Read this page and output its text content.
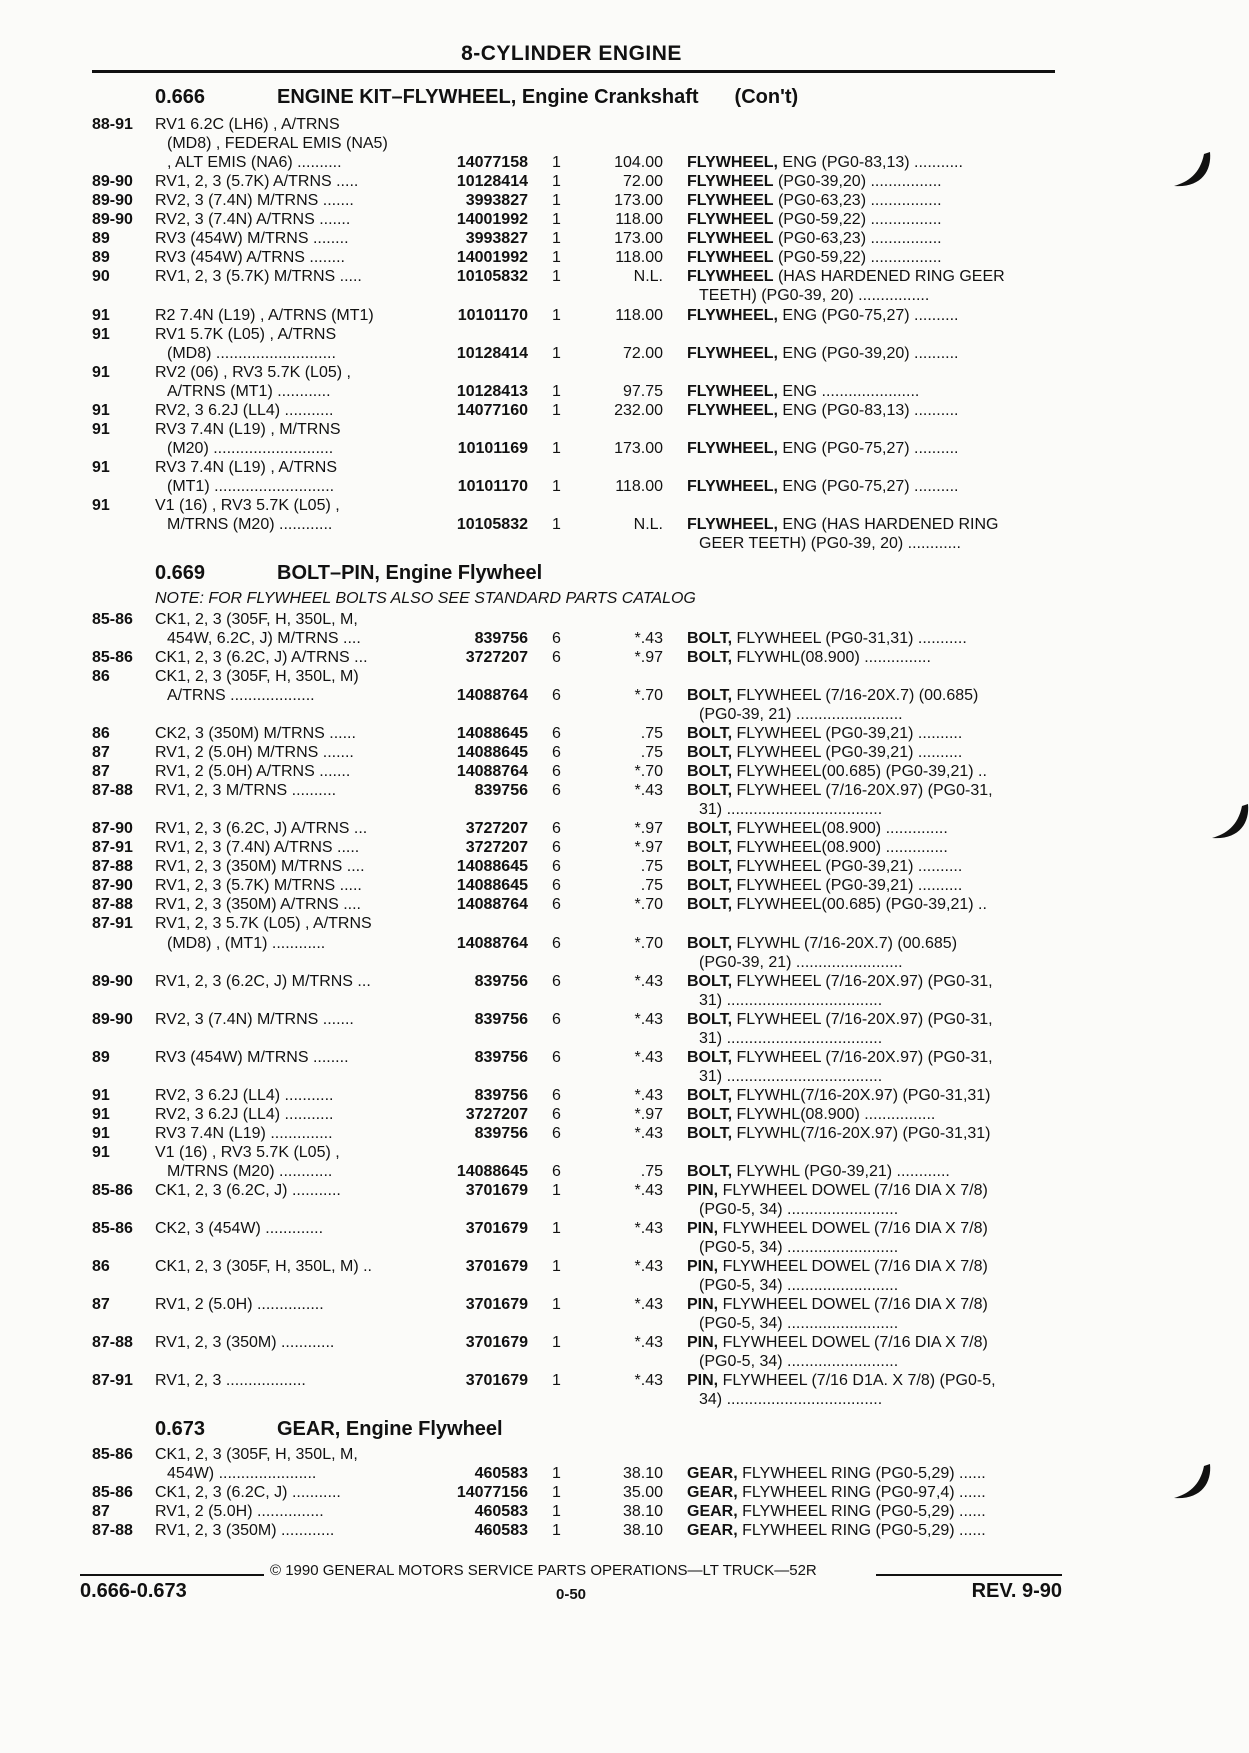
8-CYLINDER ENGINE
0.666	ENGINE KIT–FLYWHEEL, Engine Crankshaft (Con't)
0.669	BOLT–PIN, Engine Flywheel
NOTE: FOR FLYWHEEL BOLTS ALSO SEE STANDARD PARTS CATALOG
0.673	GEAR, Engine Flywheel
88-91 RV1 6.2C (LH6) , A/TRNS
(MD8) , FEDERAL EMIS (NA5)
, ALT EMIS (NA6) ..........	14077158 1	104.00 FLYWHEEL, ENG (PG0-83,13) ...........
89-90 RV1, 2, 3 (5.7K) A/TRNS .....	10128414 1	72.00 FLYWHEEL (PG0-39,20) ................
89-90 RV2, 3 (7.4N) M/TRNS .......	3993827 1	173.00 FLYWHEEL (PG0-63,23) ................
89-90 RV2, 3 (7.4N) A/TRNS .......	14001992 1	118.00 FLYWHEEL (PG0-59,22) ................
89	RV3 (454W) M/TRNS ........	3993827 1	173.00 FLYWHEEL (PG0-63,23) ................
89	RV3 (454W) A/TRNS ........	14001992 1	118.00 FLYWHEEL (PG0-59,22) ................
90	RV1, 2, 3 (5.7K) M/TRNS .....	10105832 1	N.L. FLYWHEEL (HAS HARDENED RING GEER
TEETH) (PG0-39, 20) ................
91	R2 7.4N (L19) , A/TRNS (MT1)	10101170 1	118.00 FLYWHEEL, ENG (PG0-75,27) ..........
91	RV1 5.7K (L05) , A/TRNS
(MD8) ...........................	10128414 1	72.00 FLYWHEEL, ENG (PG0-39,20) ..........
91	RV2 (06) , RV3 5.7K (L05) ,
A/TRNS (MT1) ............	10128413 1	97.75 FLYWHEEL, ENG ......................
91	RV2, 3 6.2J (LL4) ...........	14077160 1	232.00 FLYWHEEL, ENG (PG0-83,13) ..........
91	RV3 7.4N (L19) , M/TRNS
(M20) ...........................	10101169 1	173.00 FLYWHEEL, ENG (PG0-75,27) ..........
91	RV3 7.4N (L19) , A/TRNS
(MT1) ...........................	10101170 1	118.00 FLYWHEEL, ENG (PG0-75,27) ..........
91	V1 (16) , RV3 5.7K (L05) ,
M/TRNS (M20) ............	10105832 1	N.L. FLYWHEEL, ENG (HAS HARDENED RING
GEER TEETH) (PG0-39, 20) ............
85-86 CK1, 2, 3 (305F, H, 350L, M,
454W, 6.2C, J) M/TRNS ....	839756 6	*.43 BOLT, FLYWHEEL (PG0-31,31) ...........
85-86 CK1, 2, 3 (6.2C, J) A/TRNS ...	3727207 6	*.97 BOLT, FLYWHL(08.900) ...............
86	CK1, 2, 3 (305F, H, 350L, M)
A/TRNS ...................	14088764 6	*.70 BOLT, FLYWHEEL (7/16-20X.7) (00.685)
(PG0-39, 21) ........................
86	CK2, 3 (350M) M/TRNS ......	14088645 6	.75 BOLT, FLYWHEEL (PG0-39,21) ..........
87	RV1, 2 (5.0H) M/TRNS .......	14088645 6	.75 BOLT, FLYWHEEL (PG0-39,21) ..........
87	RV1, 2 (5.0H) A/TRNS .......	14088764 6	*.70 BOLT, FLYWHEEL(00.685) (PG0-39,21) ..
87-88 RV1, 2, 3 M/TRNS ..........	839756 6	*.43 BOLT, FLYWHEEL (7/16-20X.97) (PG0-31,
31) ...................................
87-90 RV1, 2, 3 (6.2C, J) A/TRNS ...	3727207 6	*.97 BOLT, FLYWHEEL(08.900) ..............
87-91 RV1, 2, 3 (7.4N) A/TRNS .....	3727207 6	*.97 BOLT, FLYWHEEL(08.900) ..............
87-88 RV1, 2, 3 (350M) M/TRNS ....	14088645 6	.75 BOLT, FLYWHEEL (PG0-39,21) ..........
87-90 RV1, 2, 3 (5.7K) M/TRNS .....	14088645 6	.75 BOLT, FLYWHEEL (PG0-39,21) ..........
87-88 RV1, 2, 3 (350M) A/TRNS ....	14088764 6	*.70 BOLT, FLYWHEEL(00.685) (PG0-39,21) ..
87-91 RV1, 2, 3 5.7K (L05) , A/TRNS
(MD8) , (MT1) ............	14088764 6	*.70 BOLT, FLYWHL (7/16-20X.7) (00.685)
(PG0-39, 21) ........................
89-90 RV1, 2, 3 (6.2C, J) M/TRNS ...	839756 6	*.43 BOLT, FLYWHEEL (7/16-20X.97) (PG0-31,
31) ...................................
89-90 RV2, 3 (7.4N) M/TRNS .......	839756 6	*.43 BOLT, FLYWHEEL (7/16-20X.97) (PG0-31,
31) ...................................
89	RV3 (454W) M/TRNS ........	839756 6	*.43 BOLT, FLYWHEEL (7/16-20X.97) (PG0-31,
31) ...................................
91	RV2, 3 6.2J (LL4) ...........	839756 6	*.43 BOLT, FLYWHL(7/16-20X.97) (PG0-31,31)
91	RV2, 3 6.2J (LL4) ...........	3727207 6	*.97 BOLT, FLYWHL(08.900) ................
91	RV3 7.4N (L19) ..............	839756 6	*.43 BOLT, FLYWHL(7/16-20X.97) (PG0-31,31)
91	V1 (16) , RV3 5.7K (L05) ,
M/TRNS (M20) ............	14088645 6	.75 BOLT, FLYWHL (PG0-39,21) ............
85-86 CK1, 2, 3 (6.2C, J) ...........	3701679 1	*.43 PIN, FLYWHEEL DOWEL (7/16 DIA X 7/8)
(PG0-5, 34) .........................
85-86 CK2, 3 (454W) .............	3701679 1	*.43 PIN, FLYWHEEL DOWEL (7/16 DIA X 7/8)
(PG0-5, 34) .........................
86	CK1, 2, 3 (305F, H, 350L, M) ..	3701679 1	*.43 PIN, FLYWHEEL DOWEL (7/16 DIA X 7/8)
(PG0-5, 34) .........................
87	RV1, 2 (5.0H) ...............	3701679 1	*.43 PIN, FLYWHEEL DOWEL (7/16 DIA X 7/8)
(PG0-5, 34) .........................
87-88 RV1, 2, 3 (350M) ............	3701679 1	*.43 PIN, FLYWHEEL DOWEL (7/16 DIA X 7/8)
(PG0-5, 34) .........................
87-91 RV1, 2, 3 ..................	3701679 1	*.43 PIN, FLYWHEEL (7/16 D1A. X 7/8) (PG0-5,
34) ...................................
85-86 CK1, 2, 3 (305F, H, 350L, M,
454W) ......................	460583 1	38.10 GEAR, FLYWHEEL RING (PG0-5,29) ......
85-86 CK1, 2, 3 (6.2C, J) ...........	14077156 1	35.00 GEAR, FLYWHEEL RING (PG0-97,4) ......
87	RV1, 2 (5.0H) ...............	460583 1	38.10 GEAR, FLYWHEEL RING (PG0-5,29) ......
87-88 RV1, 2, 3 (350M) ............	460583 1	38.10 GEAR, FLYWHEEL RING (PG0-5,29) ......
© 1990 GENERAL MOTORS SERVICE PARTS OPERATIONS—LT TRUCK—52R
0.666-0.673	0-50	REV. 9-90
